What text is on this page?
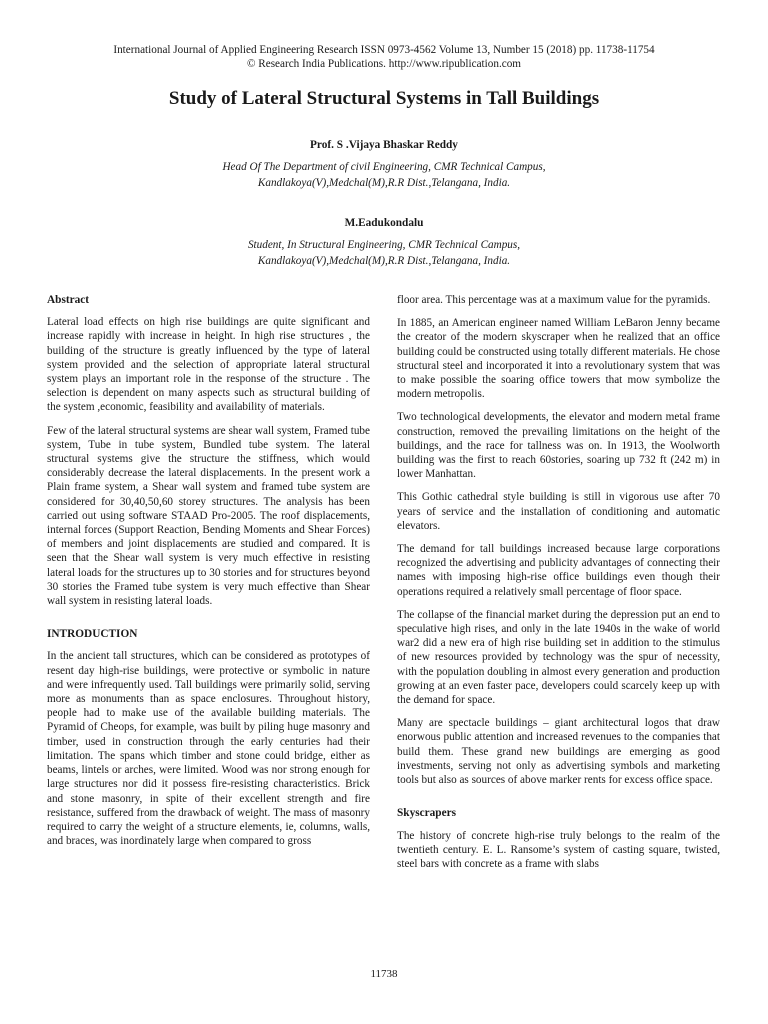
International Journal of Applied Engineering Research ISSN 0973-4562 Volume 13, Number 15 (2018) pp. 11738-11754
© Research India Publications. http://www.ripublication.com
Study of Lateral Structural Systems in Tall Buildings
Prof. S .Vijaya Bhaskar Reddy
Head Of The Department of civil Engineering, CMR Technical Campus,
Kandlakoya(V),Medchal(M),R.R Dist.,Telangana, India.
M.Eadukondalu
Student, In Structural Engineering, CMR Technical Campus,
Kandlakoya(V),Medchal(M),R.R Dist.,Telangana, India.
Abstract

Lateral load effects on high rise buildings are quite significant and increase rapidly with increase in height. In high rise structures , the building of the structure is greatly influenced by the type of lateral system provided and the selection of appropriate lateral structural system plays an important role in the response of the structure . The selection is dependent on many aspects such as structural building of the system ,economic, feasibility and availability of materials.

Few of the lateral structural systems are shear wall system, Framed tube system, Tube in tube system, Bundled tube system. The lateral structural systems give the structure the stiffness, which would considerably decrease the lateral displacements. In the present work a Plain frame system, a Shear wall system and framed tube system are considered for 30,40,50,60 storey structures. The analysis has been carried out using software STAAD Pro-2005. The roof displacements, internal forces (Support Reaction, Bending Moments and Shear Forces) of members and joint displacements are studied and compared. It is seen that the Shear wall system is very much effective in resisting lateral loads for the structures up to 30 stories and for structures beyond 30 stories the Framed tube system is very much effective than Shear wall system in resisting lateral loads.

INTRODUCTION

In the ancient tall structures, which can be considered as prototypes of resent day high-rise buildings, were protective or symbolic in nature and were infrequently used. Tall buildings were primarily solid, serving more as monuments than as space enclosures. Throughout history, people had to make use of the available building materials. The Pyramid of Cheops, for example, was built by piling huge masonry and timber, used in construction through the early centuries had their limitation. The spans which timber and stone could bridge, either as beams, lintels or arches, were limited. Wood was nor strong enough for large structures nor did it possess fire-resisting characteristics. Brick and stone masonry, in spite of their excellent strength and fire resistance, suffered from the drawback of weight. The mass of masonry required to carry the weight of a structure elements, ie, columns, walls, and braces, was inordinately large when compared to gross

floor area. This percentage was at a maximum value for the pyramids.

In 1885, an American engineer named William LeBaron Jenny became the creator of the modern skyscraper when he realized that an office building could be constructed using totally different materials. He chose structural steel and incorporated it into a revolutionary system that was to make possible the soaring office towers that mow symbolize the modern metropolis.

Two technological developments, the elevator and modern metal frame construction, removed the prevailing limitations on the height of the buildings, and the race for tallness was on. In 1913, the Woolworth building was the first to reach 60stories, soaring up 732 ft (242 m) in lower Manhattan.

This Gothic cathedral style building is still in vigorous use after 70 years of service and the installation of conditioning and automatic elevators.

The demand for tall buildings increased because large corporations recognized the advertising and publicity advantages of connecting their names with imposing high-rise office buildings even though their operations required a relatively small percentage of floor space.

The collapse of the financial market during the depression put an end to speculative high rises, and only in the late 1940s in the wake of world war2 did a new era of high rise building set in addition to the stimulus of new resources provided by technology was the spur of necessity, with the population doubling in almost every generation and production growing at an even faster pace, developers could scarcely keep up with the demand for space.

Many are spectacle buildings – giant architectural logos that draw enorwous public attention and increased revenues to the companies that build them. These grand new buildings are emerging as good investments, serving not only as advertising symbols and marketing tools but also as sources of above marker rents for excess office space.

Skyscrapers

The history of concrete high-rise truly belongs to the realm of the twentieth century. E. L. Ransome’s system of casting square, twisted, steel bars with concrete as a frame with slabs

11738
